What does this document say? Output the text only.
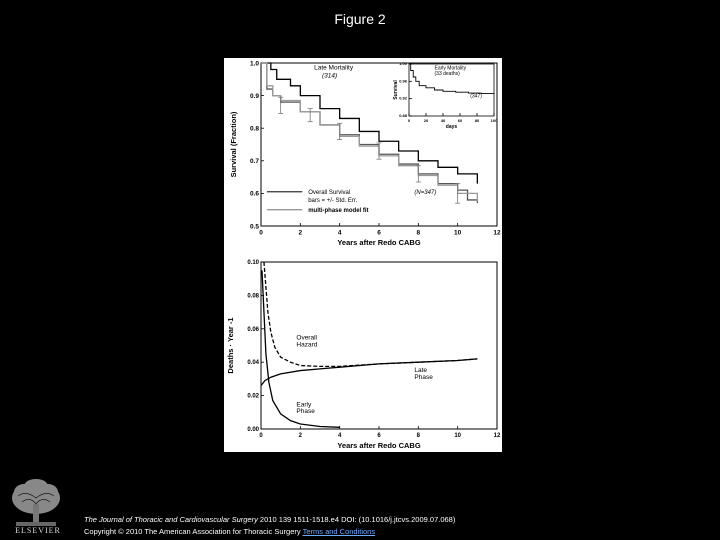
Figure 2
0	2	4	6	8	10	12
0.5
0.6
0.7
0.8
0.9
1.0
Years after Redo CABG
Survival (Fraction)
Late Mortality
(314)
Overall Survival	(N=347)
bars = +/- Std. Err.
multi-phase model fit
0	20	40	60	80	100
0.88
0.92
0.96
1.00
days
Survival
Early Mortality
(33 deaths)
(347)
0	2	4	6	8	10	12
0.00
0.02
0.04
0.06
0.08
0.10
Years after Redo CABG
Deaths · Year -1	Overall
Hazard
Late
Phase
Early
Phase
ELSEVIER
The Journal of Thoracic and Cardiovascular Surgery 2010 139 1511-1518.e4 DOI: (10.1016/j.jtcvs.2009.07.068)
Copyright © 2010 The American Association for Thoracic Surgery Terms and Conditions
